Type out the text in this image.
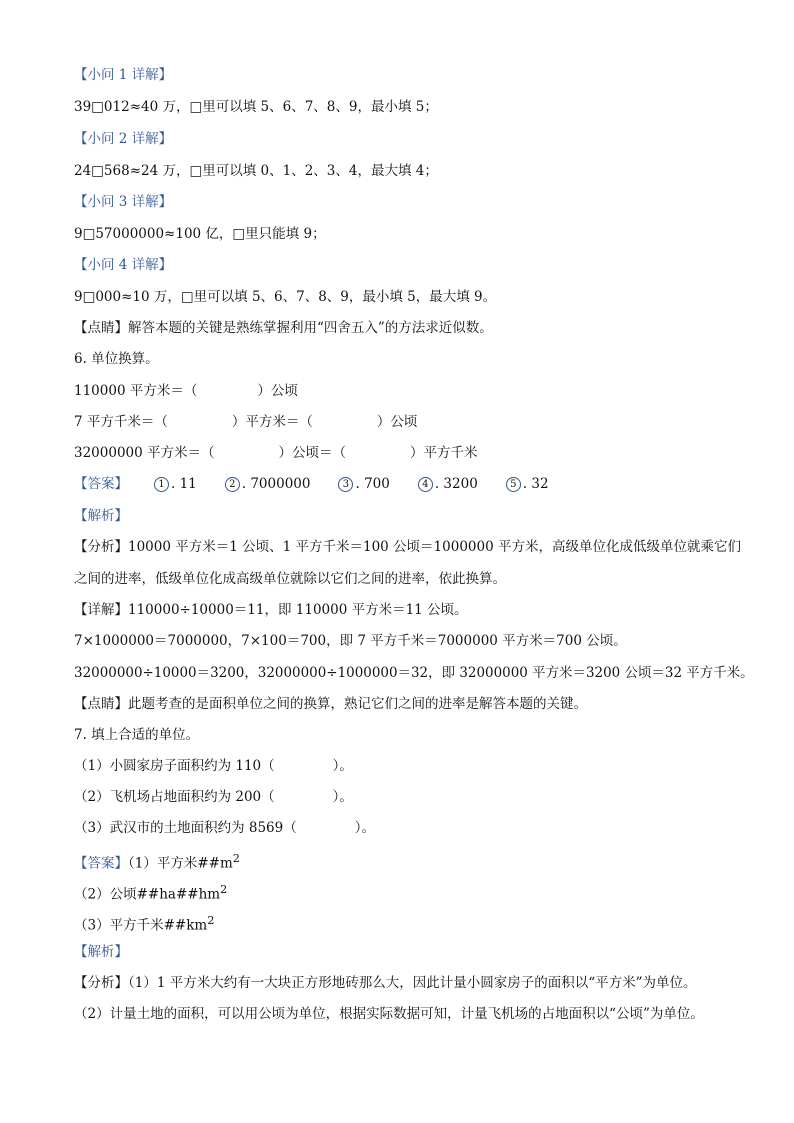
【小问 1 详解】
39□012≈40 万，□里可以填 5、6、7、8、9，最小填 5；
【小问 2 详解】
24□568≈24 万，□里可以填 0、1、2、3、4，最大填 4；
【小问 3 详解】
9□57000000≈100 亿，□里只能填 9；
【小问 4 详解】
9□000≈10 万，□里可以填 5、6、7、8、9，最小填 5，最大填 9。
【点睛】解答本题的关键是熟练掌握利用“四舍五入”的方法求近似数。
6. 单位换算。
110000 平方米＝（	）公顷
7 平方千米＝（	）平方米＝（	）公顷
32000000 平方米＝（	）公顷＝（	）平方千米
【答案】	1 . 11	2 . 7000000	3 . 700	4 . 3200	5 . 32
【解析】
【分析】10000 平方米＝1 公顷、1 平方千米＝100 公顷＝1000000 平方米，高级单位化成低级单位就乘它们
之间的进率，低级单位化成高级单位就除以它们之间的进率，依此换算。
【详解】110000÷10000＝11，即 110000 平方米＝11 公顷。
7×1000000＝7000000，7×100＝700，即 7 平方千米＝7000000 平方米＝700 公顷。
32000000÷10000＝3200，32000000÷1000000＝32，即 32000000 平方米＝3200 公顷＝32 平方千米。
【点睛】此题考查的是面积单位之间的换算，熟记它们之间的进率是解答本题的关键。
7. 填上合适的单位。
（1）小圆家房子面积约为 110（	）。
（2）飞机场占地面积约为 200（	）。
（3）武汉市的土地面积约为 8569（	）。
【答案】（1）平方米$\#\#m^2$
（2）公顷$\#\#ha\#\#hm^2$
（3）平方千米$\#\#km^2$
【解析】
【分析】（1）1 平方米大约有一大块正方形地砖那么大，因此计量小圆家房子的面积以“平方米”为单位。
（2）计量土地的面积，可以用公顷为单位，根据实际数据可知，计量飞机场的占地面积以“公顷”为单位。
